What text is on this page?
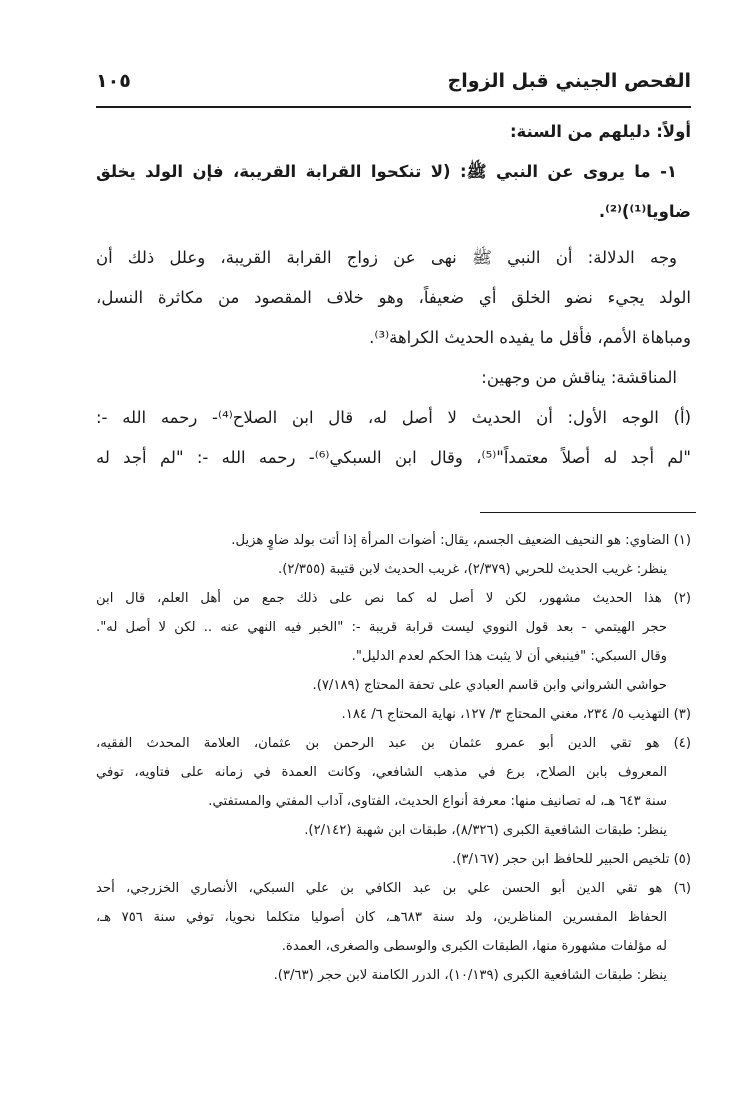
الفحص الجيني قبل الزواج
١٠٥
أولاً: دليلهم من السنة:
١- ما يروى عن النبي ﷺ: (لا تنكحوا القرابة القريبة، فإن الولد يخلق
ضاويا⁽¹⁾)⁽²⁾.
وجه الدلالة: أن النبي ﷺ نهى عن زواج القرابة القريبة، وعلل ذلك أن
الولد يجيء نضو الخلق أي ضعيفاً، وهو خلاف المقصود من مكاثرة النسل،
ومباهاة الأمم، فأقل ما يفيده الحديث الكراهة⁽³⁾.
المناقشة: يناقش من وجهين:
(أ) الوجه الأول: أن الحديث لا أصل له، قال ابن الصلاح⁽⁴⁾- رحمه الله -:
"لم أجد له أصلاً معتمداً"⁽⁵⁾، وقال ابن السبكي⁽⁶⁾- رحمه الله -: "لم أجد له
(١) الضاوي: هو النحيف الضعيف الجسم، يقال: أضوات المرأة إذا أتت بولد ضاوٍ هزيل.
ينظر: غريب الحديث للحربي (٢/٣٧٩)، غريب الحديث لابن قتيبة (٢/٣٥٥).
(٢) هذا الحديث مشهور، لكن لا أصل له كما نص على ذلك جمع من أهل العلم، قال ابن
حجر الهيتمي - بعد قول النووي ليست قرابة قريبة -: "الخبر فيه النهي عنه .. لكن لا أصل له".
وقال السبكي: "فينبغي أن لا يثبت هذا الحكم لعدم الدليل".
حواشي الشرواني وابن قاسم العبادي على تحفة المحتاج (٧/١٨٩).
(٣) التهذيب ٥/ ٢٣٤، مغني المحتاج ٣/ ١٢٧، نهاية المحتاج ٦/ ١٨٤.
(٤) هو تقي الدين أبو عمرو عثمان بن عبد الرحمن بن عثمان، العلامة المحدث الفقيه،
المعروف بابن الصلاح، برع في مذهب الشافعي، وكانت العمدة في زمانه على فتاويه، توفي
سنة ٦٤٣ هـ، له تصانيف منها: معرفة أنواع الحديث، الفتاوى، آداب المفتي والمستفتي.
ينظر: طبقات الشافعية الكبرى (٨/٣٢٦)، طبقات ابن شهبة (٢/١٤٢).
(٥) تلخيص الحبير للحافظ ابن حجر (٣/١٦٧).
(٦) هو تقي الدين أبو الحسن علي بن عبد الكافي بن علي السبكي، الأنصاري الخزرجي، أحد
الحفاظ المفسرين المناظرين، ولد سنة ٦٨٣هـ، كان أصوليا متكلما نحويا، توفي سنة ٧٥٦ هـ،
له مؤلفات مشهورة منها، الطبقات الكبرى والوسطى والصغرى، العمدة.
ينظر: طبقات الشافعية الكبرى (١٠/١٣٩)، الدرر الكامنة لابن حجر (٣/٦٣).
